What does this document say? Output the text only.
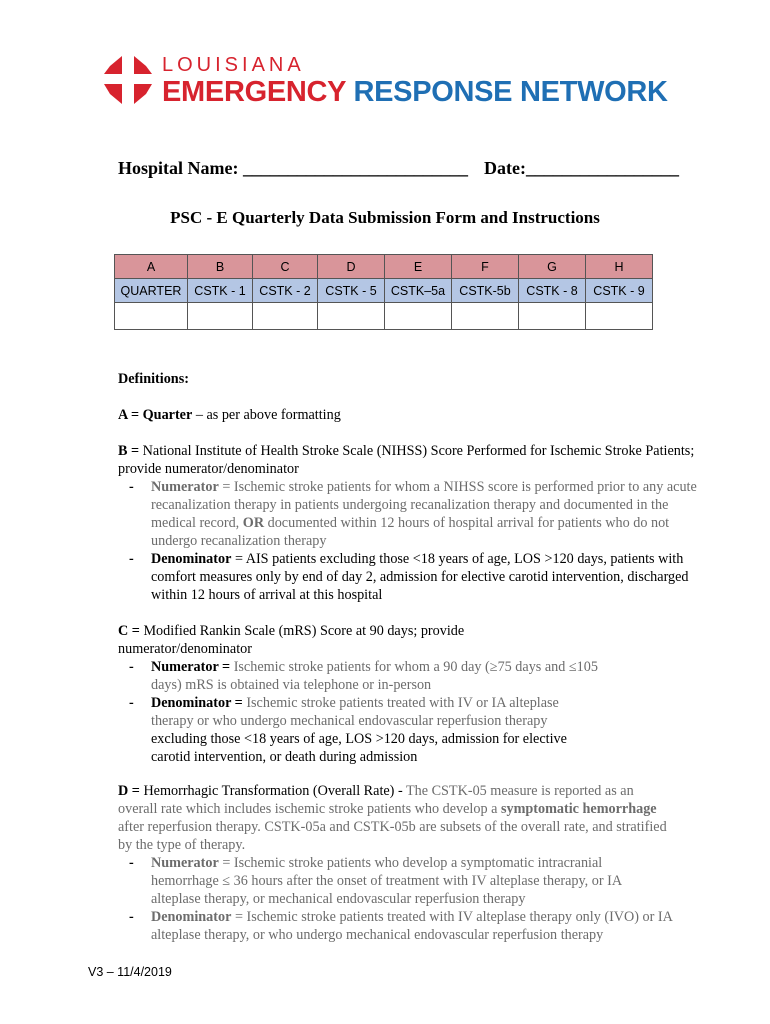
LOUISIANA
EMERGENCY RESPONSE NETWORK
Hospital Name: _________________________ Date:_________________
PSC - E Quarterly Data Submission Form and Instructions
A	B	C	D	E	F	G	H
QUARTER	CSTK - 1	CSTK - 2	CSTK - 5	CSTK–5a	CSTK-5b	CSTK - 8	CSTK - 9

Definitions:
A = Quarter – as per above formatting
B = National Institute of Health Stroke Scale (NIHSS) Score Performed for Ischemic Stroke Patients; provide numerator/denominator
- Numerator = Ischemic stroke patients for whom a NIHSS score is performed prior to any acute recanalization therapy in patients undergoing recanalization therapy and documented in the medical record, OR documented within 12 hours of hospital arrival for patients who do not undergo recanalization therapy
- Denominator = AIS patients excluding those <18 years of age, LOS >120 days, patients with comfort measures only by end of day 2, admission for elective carotid intervention, discharged within 12 hours of arrival at this hospital
C = Modified Rankin Scale (mRS) Score at 90 days; provide numerator/denominator
- Numerator = Ischemic stroke patients for whom a 90 day (≥75 days and ≤105 days) mRS is obtained via telephone or in-person
- Denominator = Ischemic stroke patients treated with IV or IA alteplase therapy or who undergo mechanical endovascular reperfusion therapy excluding those <18 years of age, LOS >120 days, admission for elective carotid intervention, or death during admission
D = Hemorrhagic Transformation (Overall Rate) - The CSTK-05 measure is reported as an overall rate which includes ischemic stroke patients who develop a symptomatic hemorrhage after reperfusion therapy. CSTK-05a and CSTK-05b are subsets of the overall rate, and stratified by the type of therapy.
- Numerator = Ischemic stroke patients who develop a symptomatic intracranial hemorrhage ≤ 36 hours after the onset of treatment with IV alteplase therapy, or IA alteplase therapy, or mechanical endovascular reperfusion therapy
- Denominator = Ischemic stroke patients treated with IV alteplase therapy only (IVO) or IA alteplase therapy, or who undergo mechanical endovascular reperfusion therapy
V3 – 11/4/2019
